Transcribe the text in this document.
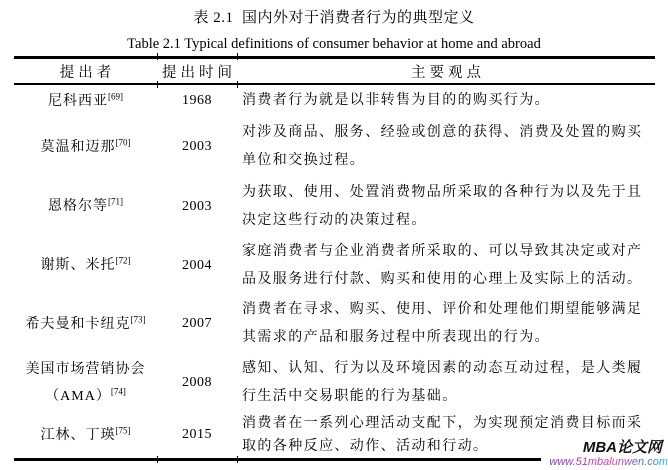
表 2.1  国内外对于消费者行为的典型定义

Table 2.1 Typical definitions of consumer behavior at home and abroad

提出者	提出时间	主要观点
尼科西亚[69]	1968	消费者行为就是以非转售为目的的购买行为。
莫温和迈那[70]	2003	对涉及商品、服务、经验或创意的获得、消费及处置的购买单位和交换过程。
恩格尔等[71]	2003	为获取、使用、处置消费物品所采取的各种行为以及先于且决定这些行动的决策过程。
谢斯、米托[72]	2004	家庭消费者与企业消费者所采取的、可以导致其决定或对产品及服务进行付款、购买和使用的心理上及实际上的活动。
希夫曼和卡纽克[73]	2007	消费者在寻求、购买、使用、评价和处理他们期望能够满足其需求的产品和服务过程中所表现出的行为。
美国市场营销协会（AMA）[74]	2008	感知、认知、行为以及环境因素的动态互动过程，是人类履行生活中交易职能的行为基础。
江林、丁瑛[75]	2015	消费者在一系列心理活动支配下，为实现预定消费目标而采取的各种反应、动作、活动和行动。	MBA论文网
www.51mbalunwen.com
